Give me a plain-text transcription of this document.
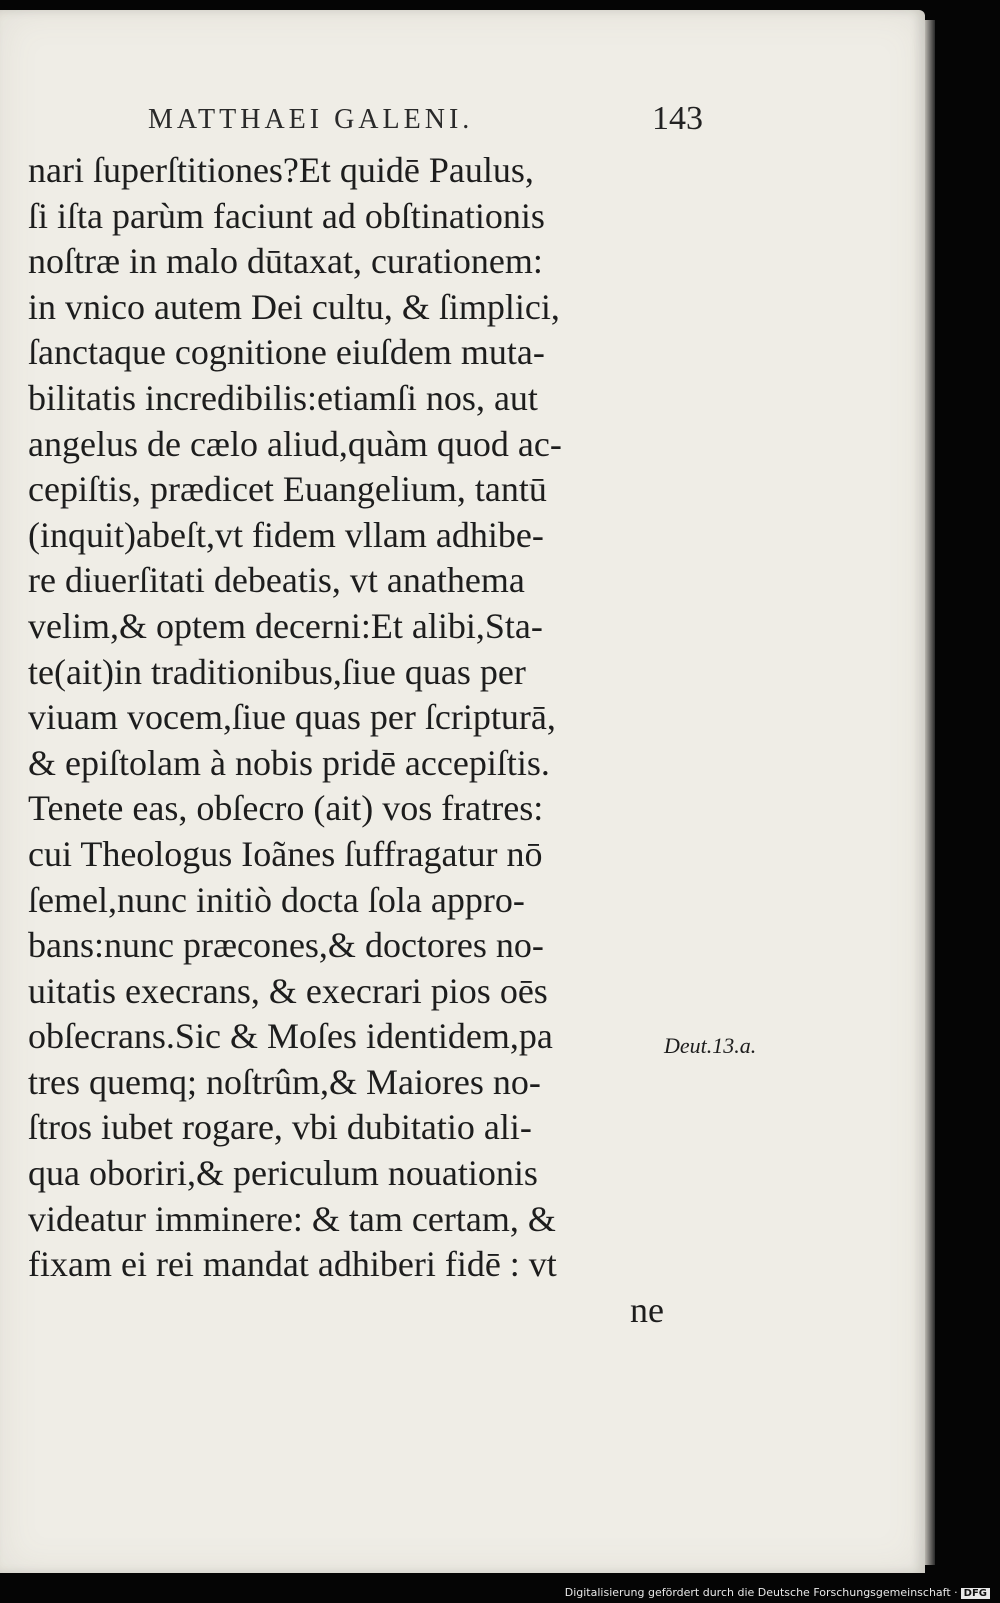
MATTHAEI GALENI.	143
nari ſuperſtitiones?Et quidē Paulus,
ſi iſta parùm faciunt ad obſtinationis
noſtræ in malo dūtaxat, curationem:
in vnico autem Dei cultu, & ſimplici,
ſanctaque cognitione eiuſdem muta-
bilitatis incredibilis:etiamſi nos, aut
angelus de cælo aliud,quàm quod ac-
cepiſtis, prædicet Euangelium, tantū
(inquit)abeſt,vt fidem vllam adhibe-
re diuerſitati debeatis, vt anathema
velim,& optem decerni:Et alibi,Sta-
te(ait)in traditionibus,ſiue quas per
viuam vocem,ſiue quas per ſcripturā,
& epiſtolam à nobis pridē accepiſtis.
Tenete eas, obſecro (ait) vos fratres:
cui Theologus Ioãnes ſuffragatur nō
ſemel,nunc initiò docta ſola appro-
bans:nunc præcones,& doctores no-
uitatis execrans, & execrari pios oēs
obſecrans.Sic & Moſes identidem,pa
tres quemq; noſtrûm,& Maiores no-
ſtros iubet rogare, vbi dubitatio ali-
qua oboriri,& periculum nouationis
videatur imminere: & tam certam, &
fixam ei rei mandat adhiberi fidē : vt
ne
Deut.13.a.
Digitalisierung gefördert durch die Deutsche Forschungsgemeinschaft · DFG
